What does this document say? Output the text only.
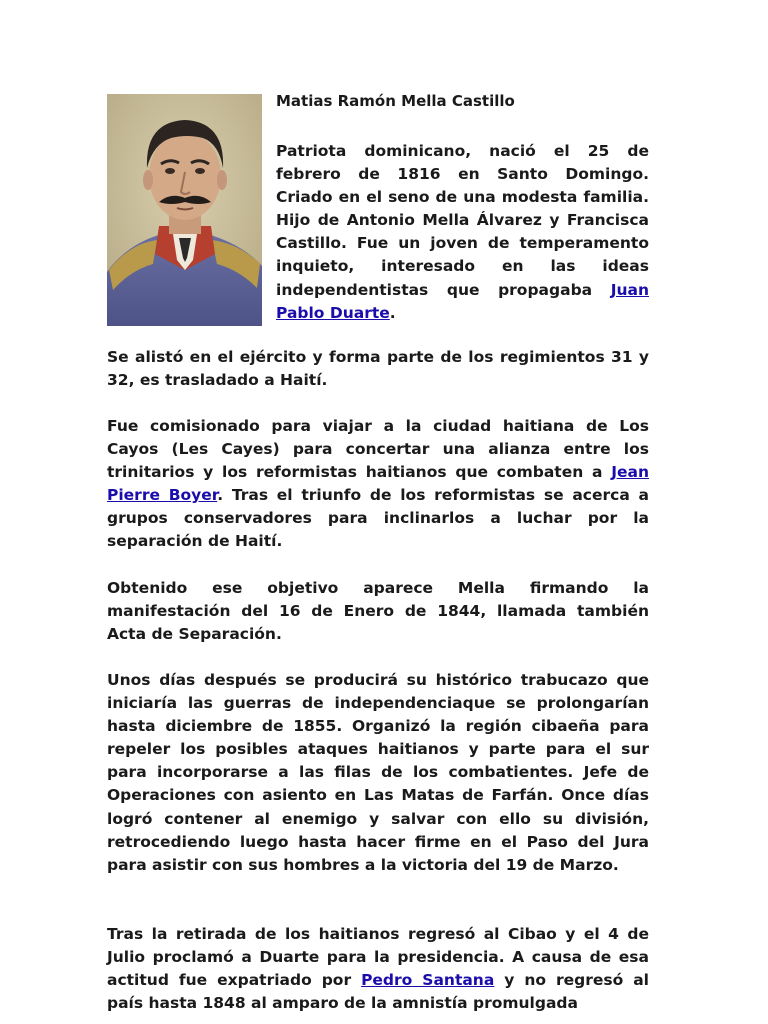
Matias Ramón Mella Castillo

Patriota dominicano, nació el 25 de febrero de 1816 en Santo Domingo. Criado en el seno de una modesta familia. Hijo de Antonio Mella Álvarez y Francisca Castillo. Fue un joven de temperamento inquieto, interesado en las ideas independentistas que propagaba Juan Pablo Duarte.

Se alistó en el ejército y forma parte de los regimientos 31 y 32, es trasladado a Haití.

Fue comisionado para viajar a la ciudad haitiana de Los Cayos (Les Cayes) para concertar una alianza entre los trinitarios y los reformistas haitianos que combaten a Jean Pierre Boyer. Tras el triunfo de los reformistas se acerca a grupos conservadores para inclinarlos a luchar por la separación de Haití.

Obtenido ese objetivo aparece Mella firmando la manifestación del 16 de Enero de 1844, llamada también Acta de Separación.

Unos días después se producirá su histórico trabucazo que iniciaría las guerras de independenciaque se prolongarían hasta diciembre de 1855. Organizó la región cibaeña para repeler los posibles ataques haitianos y parte para el sur para incorporarse a las filas de los combatientes. Jefe de Operaciones con asiento en Las Matas de Farfán. Once días logró contener al enemigo y salvar con ello su división, retrocediendo luego hasta hacer firme en el Paso del Jura para asistir con sus hombres a la victoria del 19 de Marzo.

Tras la retirada de los haitianos regresó al Cibao y el 4 de Julio proclamó a Duarte para la presidencia. A causa de esa actitud fue expatriado por Pedro Santana y no regresó al país hasta 1848 al amparo de la amnistía promulgada
